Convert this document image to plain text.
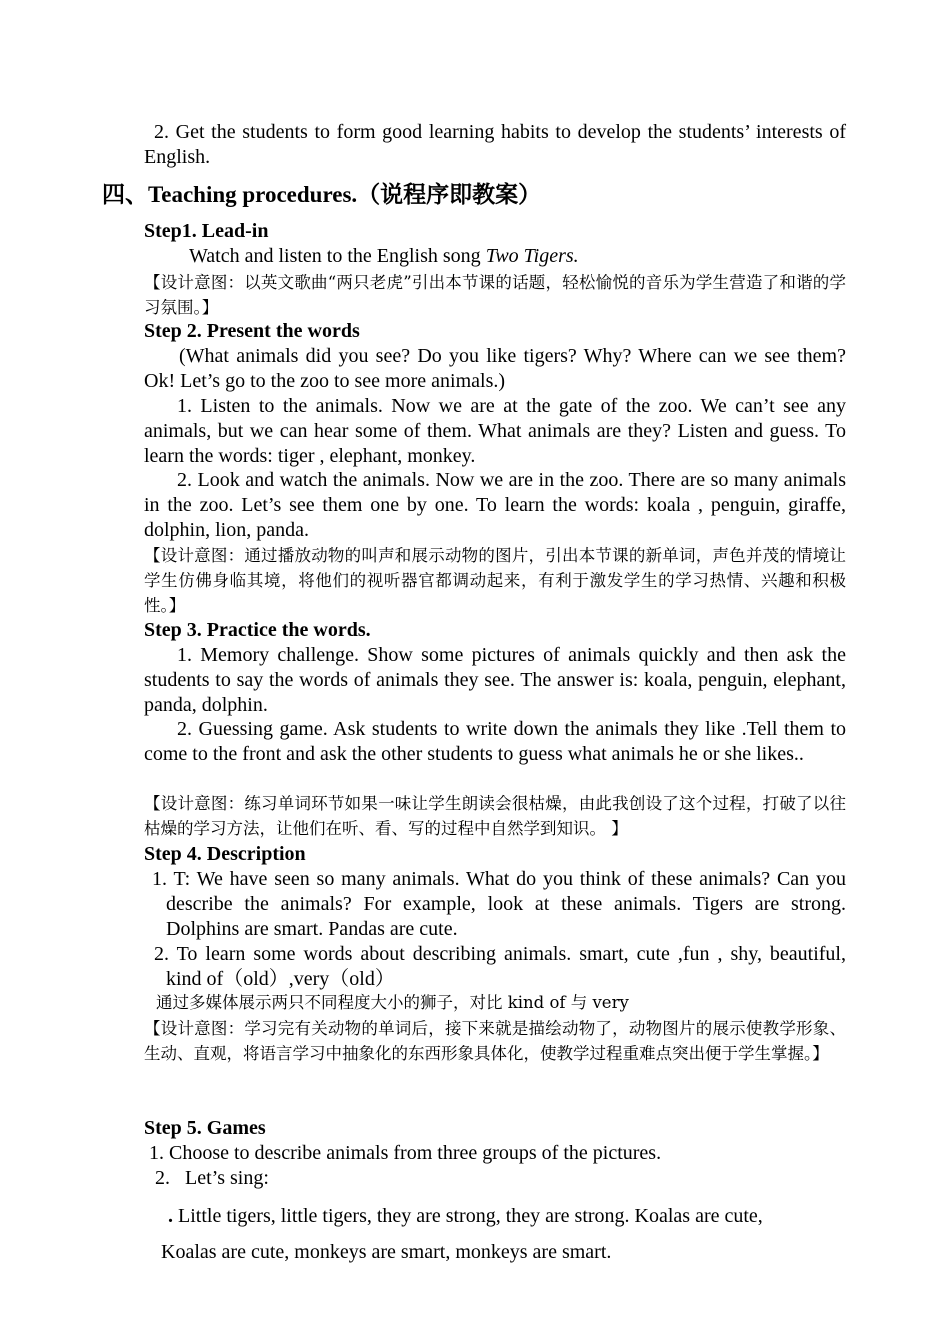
2. Get the students to form good learning habits to develop the students’ interests of English.
四、Teaching procedures.（说程序即教案）
Step1. Lead-in
Watch and listen to the English song Two Tigers.
【设计意图：以英文歌曲“两只老虎”引出本节课的话题，轻松愉悦的音乐为学生营造了和谐的学习氛围。】
Step 2. Present the words
(What animals did you see? Do you like tigers? Why? Where can we see them? Ok! Let’s go to the zoo to see more animals.)
1. Listen to the animals. Now we are at the gate of the zoo. We can’t see any animals, but we can hear some of them. What animals are they? Listen and guess. To learn the words: tiger , elephant, monkey.
2. Look and watch the animals. Now we are in the zoo. There are so many animals in the zoo. Let’s see them one by one. To learn the words: koala , penguin, giraffe, dolphin, lion, panda.
【设计意图：通过播放动物的叫声和展示动物的图片，引出本节课的新单词，声色并茂的情境让学生仿佛身临其境，将他们的视听器官都调动起来，有利于激发学生的学习热情、兴趣和积极性。】
Step 3. Practice the words.
1. Memory challenge. Show some pictures of animals quickly and then ask the students to say the words of animals they see. The answer is: koala, penguin, elephant, panda, dolphin.
2. Guessing game. Ask students to write down the animals they like .Tell them to come to the front and ask the other students to guess what animals he or she likes..
【设计意图：练习单词环节如果一味让学生朗读会很枯燥，由此我创设了这个过程，打破了以往枯燥的学习方法，让他们在听、看、写的过程中自然学到知识。 】
Step 4. Description
1. T: We have seen so many animals. What do you think of these animals? Can you describe the animals? For example, look at these animals. Tigers are strong. Dolphins are smart. Pandas are cute.
2. To learn some words about describing animals. smart, cute ,fun , shy, beautiful, kind of（old）,very（old）
通过多媒体展示两只不同程度大小的狮子，对比 kind of 与 very
【设计意图：学习完有关动物的单词后，接下来就是描绘动物了，动物图片的展示使教学形象、生动、直观，将语言学习中抽象化的东西形象具体化，使教学过程重难点突出便于学生掌握。】
Step 5. Games
1. Choose to describe animals from three groups of the pictures.
2. Let’s sing:
. Little tigers, little tigers, they are strong, they are strong. Koalas are cute,
Koalas are cute, monkeys are smart, monkeys are smart.
